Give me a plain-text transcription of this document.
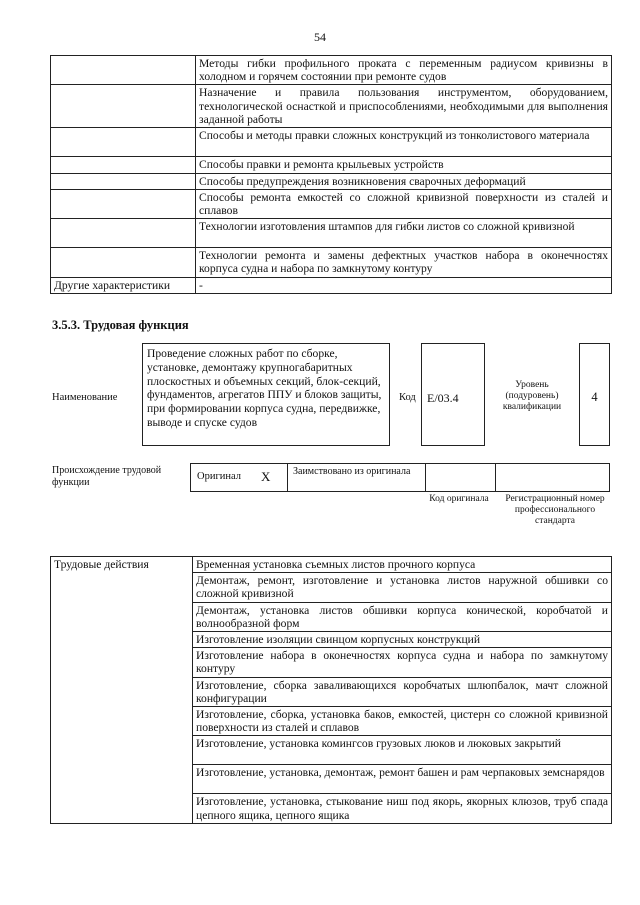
54
	Методы гибки профильного проката с переменным радиусом кривизны в холодном и горячем состоянии при ремонте судов
	Назначение и правила пользования инструментом, оборудованием, технологической оснасткой и приспособлениями, необходимыми для выполнения заданной работы
	Способы и методы правки сложных конструкций из тонколистового материала
	Способы правки и ремонта крыльевых устройств
	Способы предупреждения возникновения сварочных деформаций
	Способы ремонта емкостей со сложной кривизной поверхности из сталей и сплавов
	Технологии изготовления штампов для гибки листов со сложной кривизной
	Технологии ремонта и замены дефектных участков набора в оконечностях корпуса судна и набора по замкнутому контуру
Другие характеристики	-
3.5.3. Трудовая функция
Наименование
Проведение сложных работ по сборке, установке, демонтажу крупногабаритных плоскостных и объемных секций, блок-секций, фундаментов, агрегатов ППУ и блоков защиты, при формировании корпуса судна, передвижке, выводе и спуске судов
Код E/03.4
Уровень (подуровень) квалификации
4
Происхождение трудовой функции
Оригинал X Заимствовано из оригинала
Код оригинала	Регистрационный номер профессионального стандарта
Трудовые действия	Временная установка съемных листов прочного корпуса
Демонтаж, ремонт, изготовление и установка листов наружной обшивки со сложной кривизной
Демонтаж, установка листов обшивки корпуса конической, коробчатой и волнообразной форм
Изготовление изоляции свинцом корпусных конструкций
Изготовление набора в оконечностях корпуса судна и набора по замкнутому контуру
Изготовление, сборка заваливающихся коробчатых шлюпбалок, мачт сложной конфигурации
Изготовление, сборка, установка баков, емкостей, цистерн со сложной кривизной поверхности из сталей и сплавов
Изготовление, установка комингсов грузовых люков и люковых закрытий
Изготовление, установка, демонтаж, ремонт башен и рам черпаковых земснарядов
Изготовление, установка, стыкование ниш под якорь, якорных клюзов, труб спада цепного ящика, цепного ящика
